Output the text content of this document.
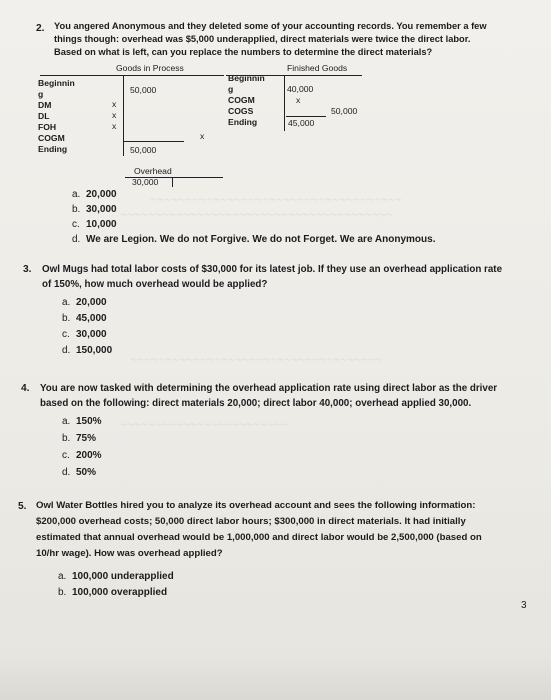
～～～～～～～～～～～～～～～～～～～～～～～～～～～～～～～～～～～～
～～～～～～～～～～～～～～～～～～～～～～～～～～～～～～～～～～～～～～～
～～～～～～～～～～～～～～～～～～～～～～～～～～～～～～～～～～～～
～～～～～～～～～～～～～～～～～～～～～～～～
2. You angered Anonymous and they deleted some of your accounting records. You remember a few
things though: overhead was $5,000 underapplied, direct materials were twice the direct labor.
Based on what is left, can you replace the numbers to determine the direct materials?
Goods in Process
Beginnin
g
DM
DL
FOH
COGM
Ending
50,000
x
x
x
x
50,000
Finished Goods
Beginnin
g
COGM
COGS
Ending
40,000
x
50,000
45,000
Overhead
30,000
a. 20,000
b. 30,000
c. 10,000
d. We are Legion. We do not Forgive. We do not Forget. We are Anonymous.
3. Owl Mugs had total labor costs of $30,000 for its latest job. If they use an overhead application rate
of 150%, how much overhead would be applied?
a. 20,000
b. 45,000
c. 30,000
d. 150,000
4. You are now tasked with determining the overhead application rate using direct labor as the driver
based on the following: direct materials 20,000; direct labor 40,000; overhead applied 30,000.
a. 150%
b. 75%
c. 200%
d. 50%
5. Owl Water Bottles hired you to analyze its overhead account and sees the following information:
$200,000 overhead costs; 50,000 direct labor hours; $300,000 in direct materials. It had initially
estimated that annual overhead would be 1,000,000 and direct labor would be 2,500,000 (based on
10/hr wage). How was overhead applied?
a. 100,000 underapplied
b. 100,000 overapplied
3
